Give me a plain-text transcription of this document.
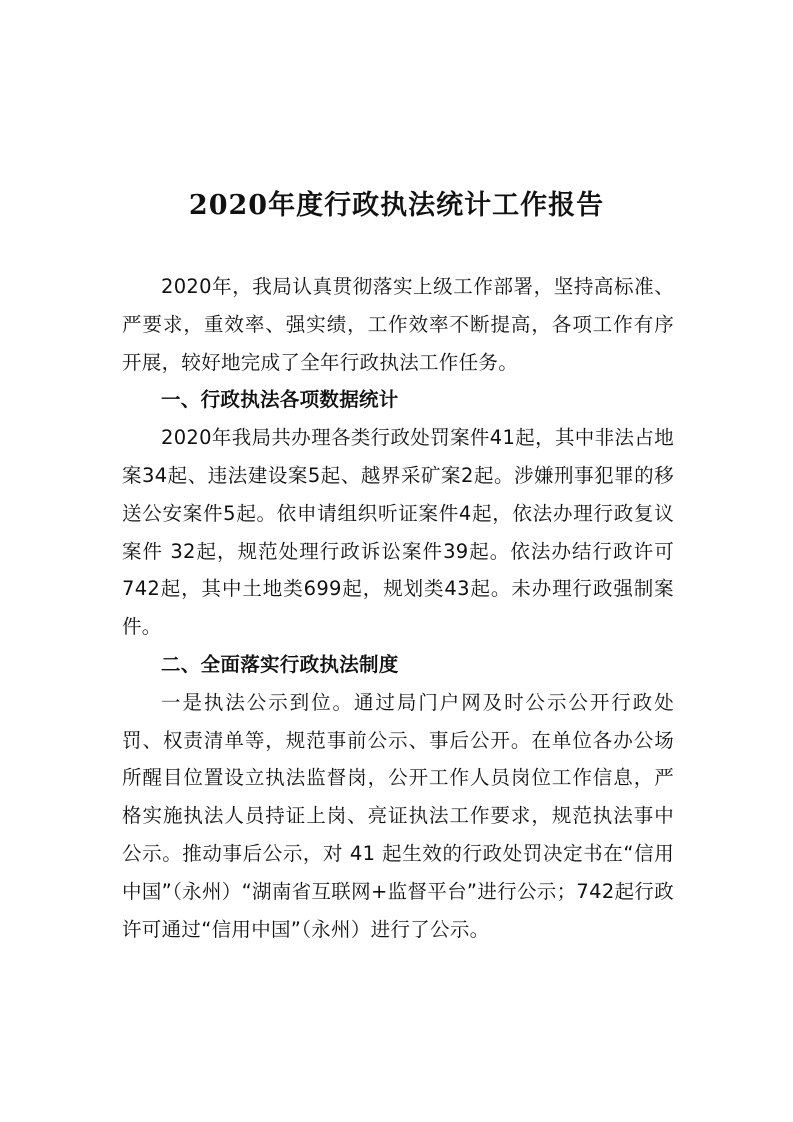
2020年度行政执法统计工作报告

2020年，我局认真贯彻落实上级工作部署，坚持高标准、严要求，重效率、强实绩，工作效率不断提高，各项工作有序开展，较好地完成了全年行政执法工作任务。

一、行政执法各项数据统计

2020年我局共办理各类行政处罚案件41起，其中非法占地案34起、违法建设案5起、越界采矿案2起。涉嫌刑事犯罪的移送公安案件5起。依申请组织听证案件4起，依法办理行政复议案件 32起，规范处理行政诉讼案件39起。依法办结行政许可742起，其中土地类699起，规划类43起。未办理行政强制案件。

二、全面落实行政执法制度

一是执法公示到位。通过局门户网及时公示公开行政处罚、权责清单等，规范事前公示、事后公开。在单位各办公场所醒目位置设立执法监督岗，公开工作人员岗位工作信息，严格实施执法人员持证上岗、亮证执法工作要求，规范执法事中公示。推动事后公示，对 41 起生效的行政处罚决定书在“信用中国”（永州）“湖南省互联网+监督平台”进行公示；742起行政许可通过“信用中国”（永州）进行了公示。
